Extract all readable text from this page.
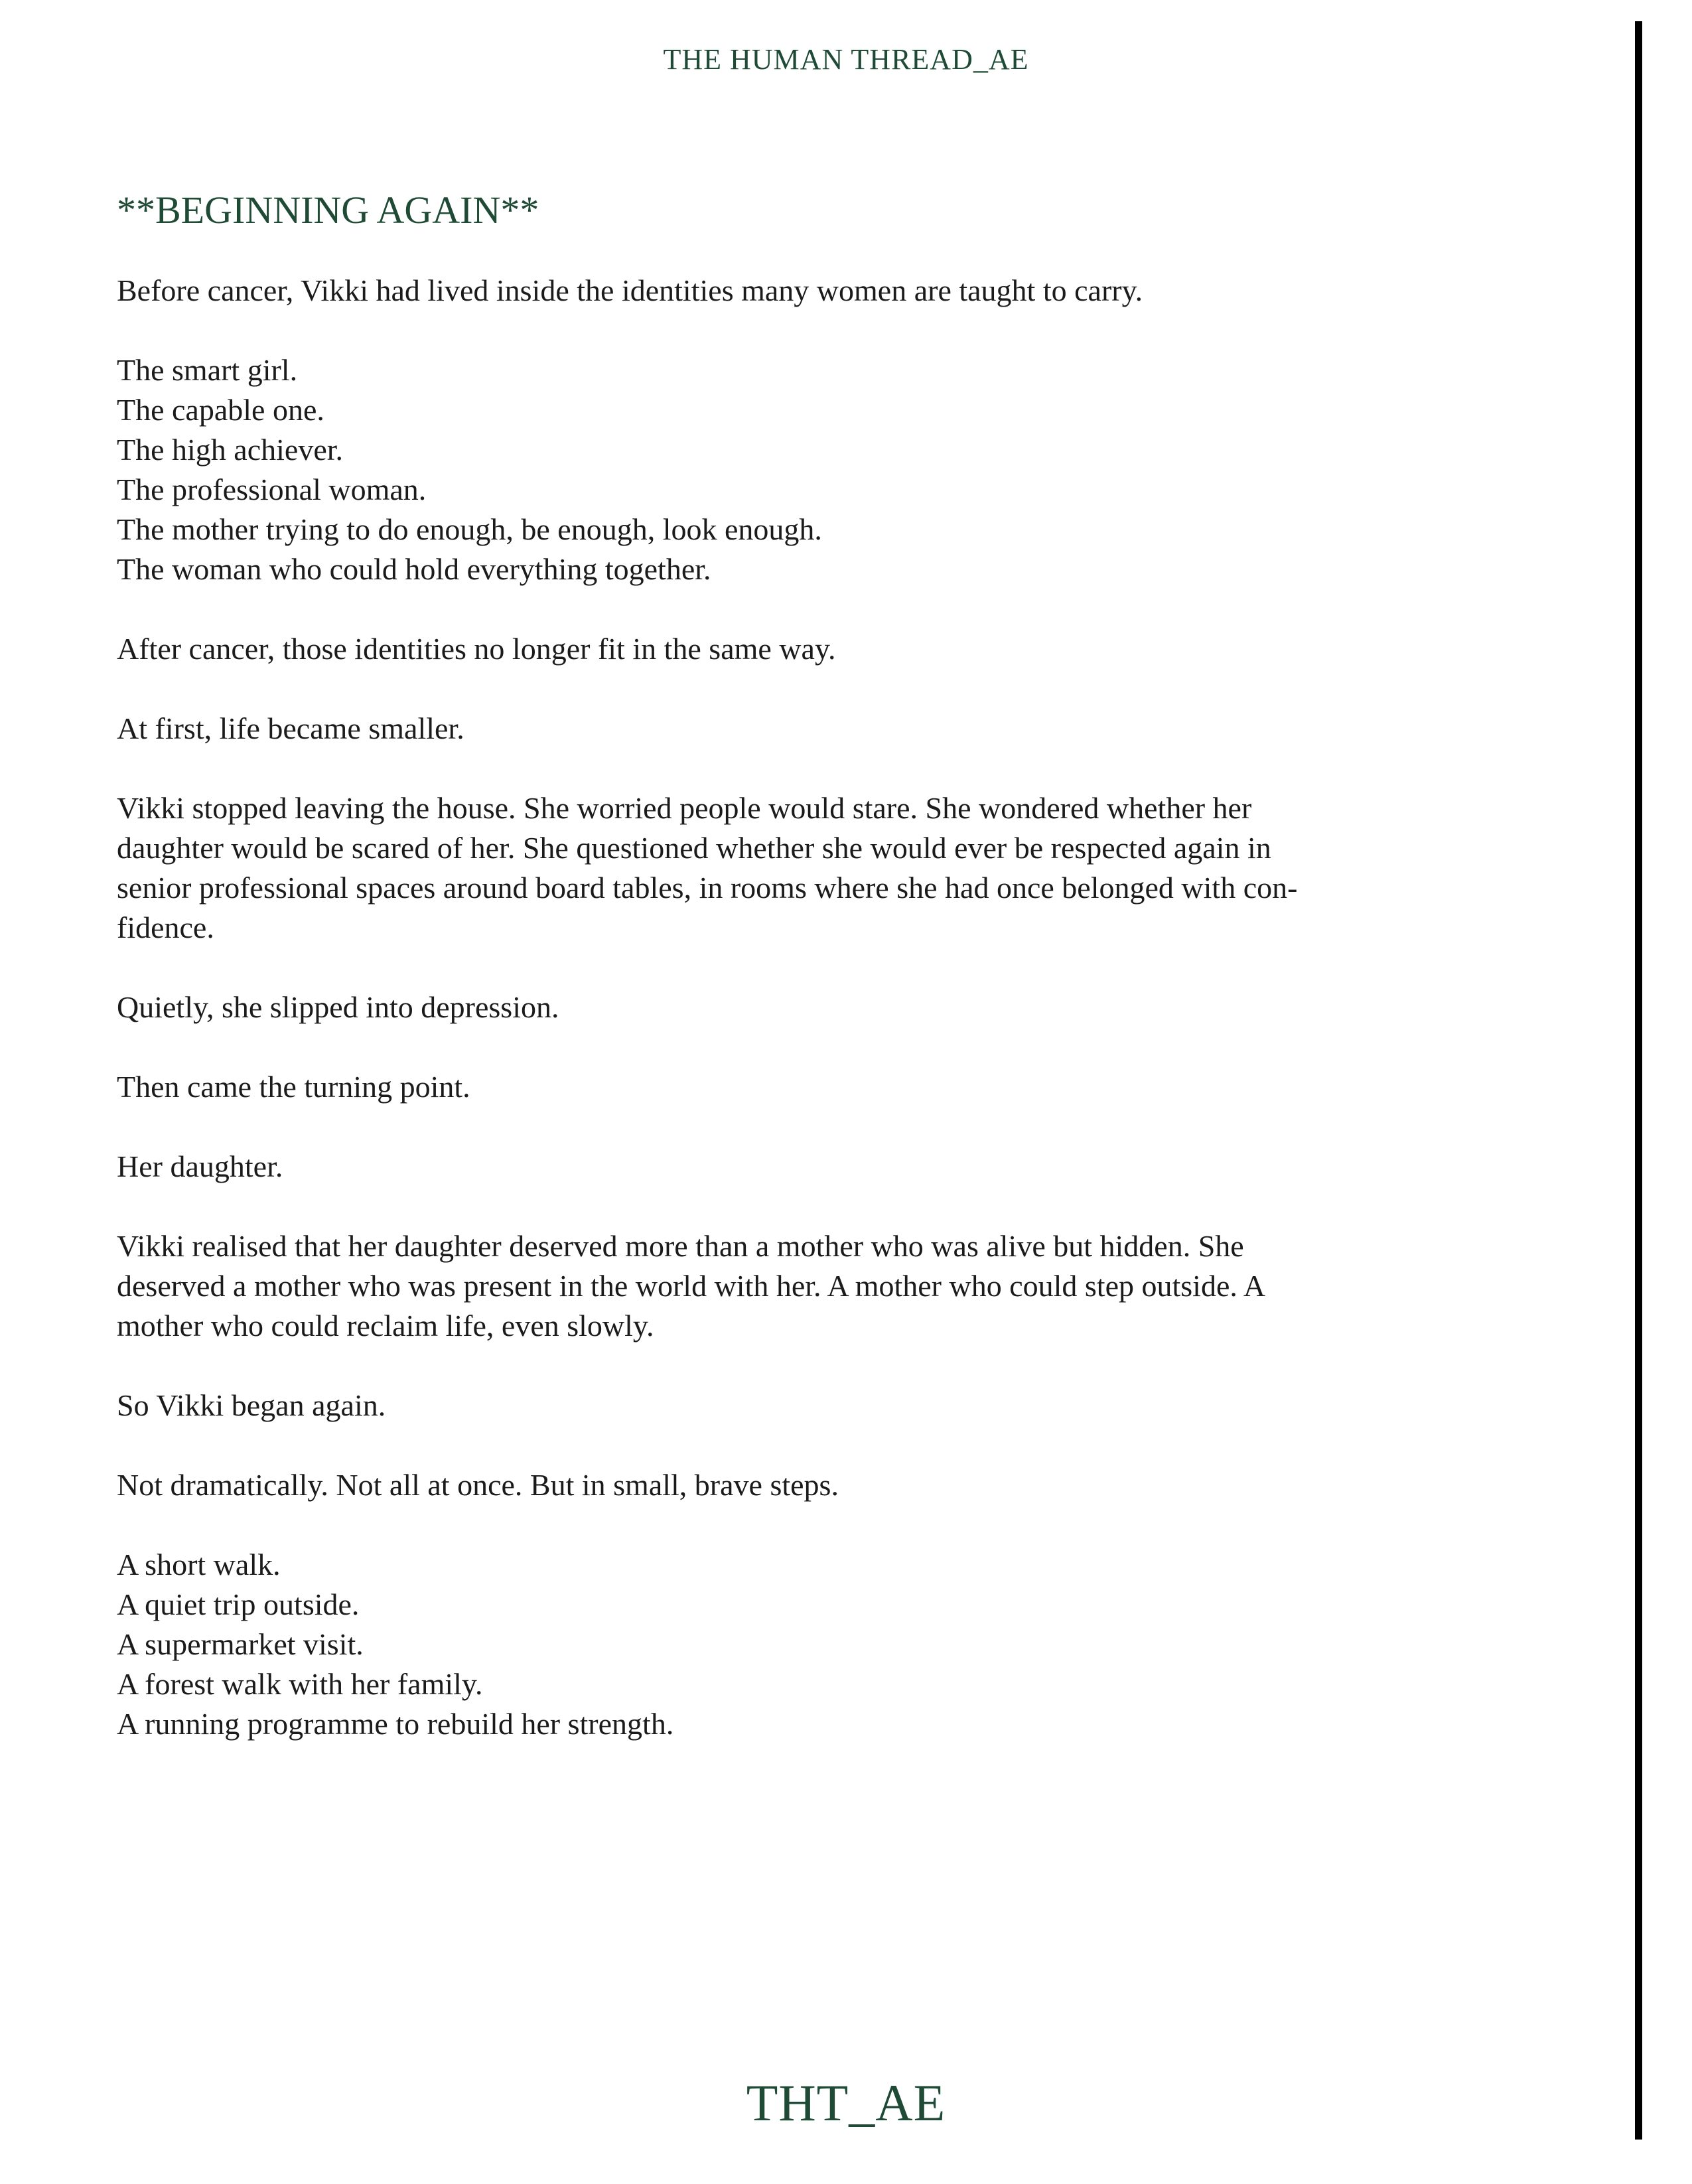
THE HUMAN THREAD_AE
**BEGINNING AGAIN**

Before cancer, Vikki had lived inside the identities many women are taught to carry.

The smart girl.
The capable one.
The high achiever.
The professional woman.
The mother trying to do enough, be enough, look enough.
The woman who could hold everything together.

After cancer, those identities no longer fit in the same way.

At first, life became smaller.

Vikki stopped leaving the house. She worried people would stare. She wondered whether her
daughter would be scared of her. She questioned whether she would ever be respected again in
senior professional spaces around board tables, in rooms where she had once belonged with con-
fidence.

Quietly, she slipped into depression.

Then came the turning point.

Her daughter.

Vikki realised that her daughter deserved more than a mother who was alive but hidden. She
deserved a mother who was present in the world with her. A mother who could step outside. A
mother who could reclaim life, even slowly.

So Vikki began again.

Not dramatically. Not all at once. But in small, brave steps.

A short walk.
A quiet trip outside.
A supermarket visit.
A forest walk with her family.
A running programme to rebuild her strength.

THT_AE
